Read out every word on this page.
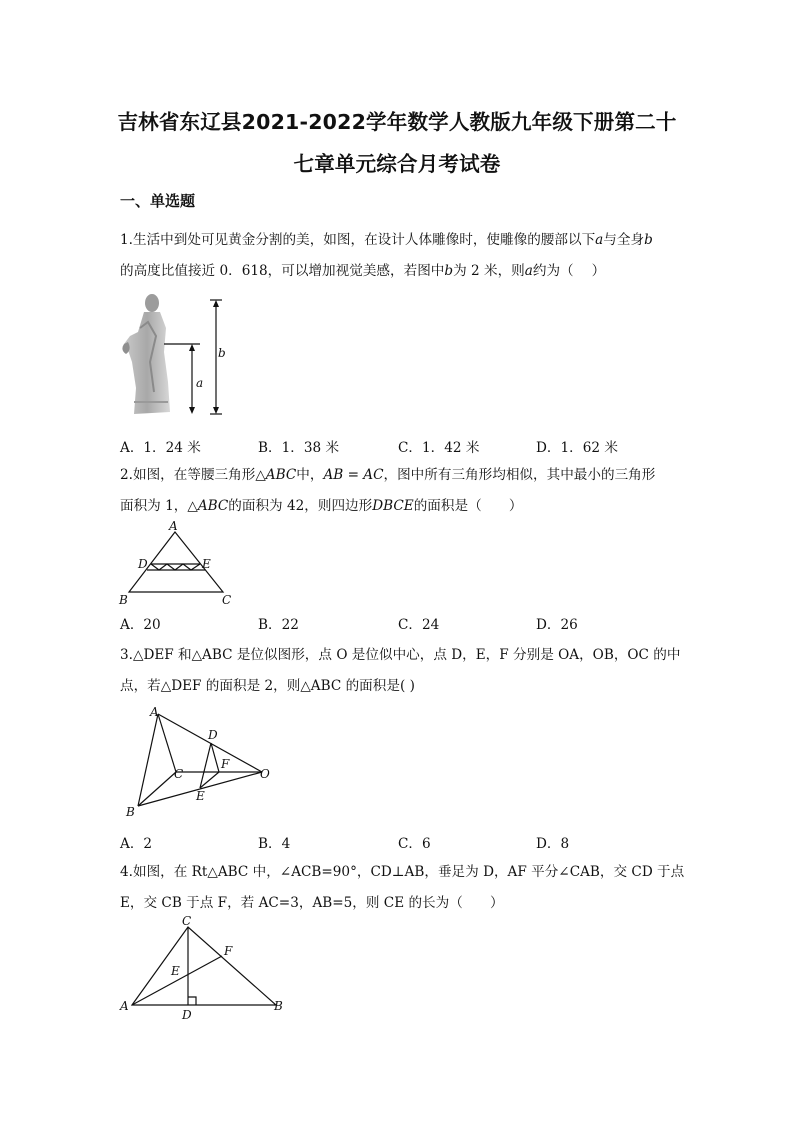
吉林省东辽县2021-2022学年数学人教版九年级下册第二十
七章单元综合月考试卷
一、单选题
1.生活中到处可见黄金分割的美，如图，在设计人体雕像时，使雕像的腰部以下a与全身b
的高度比值接近 0．618，可以增加视觉美感，若图中b为 2 米，则a约为（　 ）
b
a
A．1．24 米	B．1．38 米	C．1．42 米	D．1．62 米
2.如图，在等腰三角形△ABC中，AB = AC，图中所有三角形均相似，其中最小的三角形
面积为 1，△ABC的面积为 42，则四边形DBCE的面积是（　　）
A
D	E
B	C
A．20	B．22	C．24	D．26
3.△DEF 和△ABC 是位似图形，点 O 是位似中心，点 D，E，F 分别是 OA，OB，OC 的中
点，若△DEF 的面积是 2，则△ABC 的面积是( )
A
D
C
F
O
E
B
A．2	B．4	C．6	D．8
4.如图，在 Rt△ABC 中，∠ACB=90°，CD⊥AB，垂足为 D，AF 平分∠CAB，交 CD 于点
E，交 CB 于点 F，若 AC=3，AB=5，则 CE 的长为（　　）
C
F
E
A	B
D
